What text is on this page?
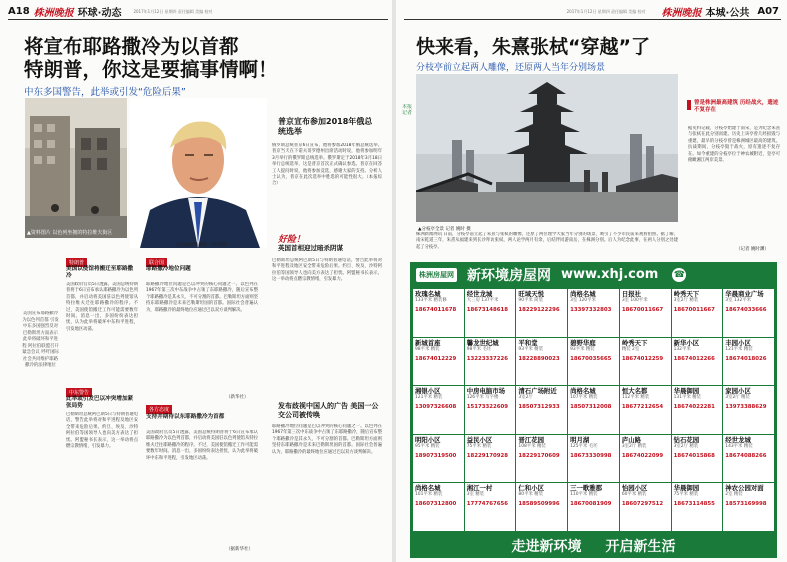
A18 株洲晚报 环球·动态	2017年1月12日 星期四 责任编辑 美编 校对
将宣布耶路撒冷为以首都
特朗普，你这是要搞事情啊！
中东多国警告，此举或引发“危险后果”
▲资料图片 以色列坐拥的特拉维夫街区
美国总统特朗普（资料图）
普京宣布参加2018年俄总统选举
俄罗斯总统普京6日宣布，他将参加2018年俄总统选举。普京当天在下诺夫哥罗德州出席活动时说，他将参加明年3月举行的俄罗斯总统选举。俄罗斯定于2018年3月18日举行总统选举，这是普京首次正式确认参选。普京在回答工人提问时说，他将参加竞选，感谢大家的支持。分析人士认为，普京在此次选举中胜选的可能性很大。（本报综合）
美国宣布耶路撒冷为以色列首都 引发中东多国强烈反对 巴勒斯坦方面表示 此举将破坏和平进程 阿拉伯联盟召开紧急会议 呼吁国际社会共同维护耶路撒冷的法律地位
特朗普
美国以使馆将搬迁至耶路撒冷
美国政府官员5日透露，美国总统特朗普将于6日宣布承认耶路撒冷为以色列首都，并启动将美国驻以色列使馆从特拉维夫迁往耶路撒冷的程序。不过，美国使馆搬迁工作可能需要数年时间。消息一出，多国纷纷表达担忧，认为此举将破坏中东和平进程，引发地区动荡。
中东警告
此举或引发巴以冲突增加紧张局势
巴勒斯坦总统阿巴斯5日与特朗普通电话，警告此举将对和平进程及地区安全带来危险后果。约旦、埃及、沙特阿拉伯等国领导人也向美方表达了担忧。阿盟秘书长表示，这一举动将点燃宗教情绪，引发暴力。
联合国
耶路撒冷地位问题
耶路撒冷地位问题是巴以冲突的核心问题之一。以色列在1967年第三次中东战争中占领了东耶路撒冷，随后宣布整个耶路撒冷是其永久、不可分割的首都。巴勒斯坦方面则坚持东耶路撒冷是未来巴勒斯坦国的首都。国际社会普遍认为，耶路撒冷的最终地位应通过巴以双方谈判解决。
（新华社）
各方态度
支持并期待以东耶路撒冷为首都
美国政府官员5日透露，美国总统特朗普将于6日宣布承认耶路撒冷为以色列首都，并启动将美国驻以色列使馆从特拉维夫迁往耶路撒冷的程序。不过，美国使馆搬迁工作可能需要数年时间。消息一出，多国纷纷表达担忧，认为此举将破坏中东和平进程，引发地区动荡。
（据新华社）
好险！
英国首相迎过暗杀阴谋
巴勒斯坦总统阿巴斯5日与特朗普通电话，警告此举将对和平进程及地区安全带来危险后果。约旦、埃及、沙特阿拉伯等国领导人也向美方表达了担忧。阿盟秘书长表示，这一举动将点燃宗教情绪，引发暴力。
发布歧视中国人的广告 美国一公交公司被传唤
耶路撒冷地位问题是巴以冲突的核心问题之一。以色列在1967年第三次中东战争中占领了东耶路撒冷，随后宣布整个耶路撒冷是其永久、不可分割的首都。巴勒斯坦方面则坚持东耶路撒冷是未来巴勒斯坦国的首都。国际社会普遍认为，耶路撒冷的最终地位应通过巴以双方谈判解决。
2017年1月12日 星期四 责任编辑 美编 校对 株洲晚报 本城·公共 A07
快来看，朱熹张栻“穿越”了
分枝亭前立起两人雕像，还原两人当年分别场景
▲分枝亭全景 记者 姚时 摄
本报记者
曾是株洲最高建筑 历经战火，遗迹不复存在
据史料记载，分枝亭始建于南宋，是为纪念朱熹与张栻在此分别而建。历史上该亭曾几经损毁与重建，最早的分枝亭曾是株洲城区最高的建筑。抗战期间，分枝亭毁于战火，原有遗迹不复存在。如今重建的分枝亭位于神农城附近，登亭可俯瞰湘江两岸美景。
（记者 姚时渊）
株洲新闻网讯 日前，分枝亭前立起了朱熹与张栻的雕像，还原了两位理学大家当年分别的场景，吸引了不少市民前来观看拍照。据了解，南宋乾道三年，朱熹从福建来到长沙拜访张栻，两人论学两月有余，后结伴同游南岳，在株洲分别。后人为纪念此事，在两人分别之处建起了分枝亭。
株洲房屋网 新环境房屋网 www.xhj.com ☎
玫瑰名城
133平米 精装修
18674011678
经世龙城
大三房 137平米
18673148618
旺域天悦
90平米 简装
18229122296
尚格名城
3室 120平米
13397332803
日报社
3室 100平米
18670011667
岭秀天下
3室2厅 精装
18670011667
华晨商业广场
3室 132平米
18674033666
新城首座
98平米 精装
18674012229
馨龙世纪城
98平米 毛坯
13223337226
平和堂
93平米 精装
18228890023
碧野华庭
93平米 精装
18670035665
岭秀天下
精装 2室
18674012259
新华小区
132平米
18674012266
丰园小区
121平米 精装
18674018026
湘银小区
121平米 精装
13097326608
中房电脑市场
126平米 写字楼
15173322609
清石广场附近
3室2厅
18507312933
尚格名城
107平米 精装
18507312008
恒大名都
112平米 精装
18677212654
华晨御园
131平米 精装
18674022281
家园小区
3室2厅 精装
13973388629
明阳小区
95平米 精装
18907319500
益民小区
75平米 精装
18229170928
晋江花园
108平米 精装
18229170609
明月湖
125平米 毛坯
18673330998
庐山路
3室2厅 精装
18674022099
钻石花园
3室2厅 精装
18674015868
经世龙城
143平米 精装
18674088266
尚格名城
101平米 精装
18607312800
湘江一村
3室 精装
17774767656
仁和小区
80平米 精装
18589509996
三一歌雅郡
110平米 精装
18670081909
怡园小区
60平米 精装
18607297512
华晨御园
75平米 精装
18673114855
神农公园对面
2室 精装
18573169998
走进新环境 开启新生活
